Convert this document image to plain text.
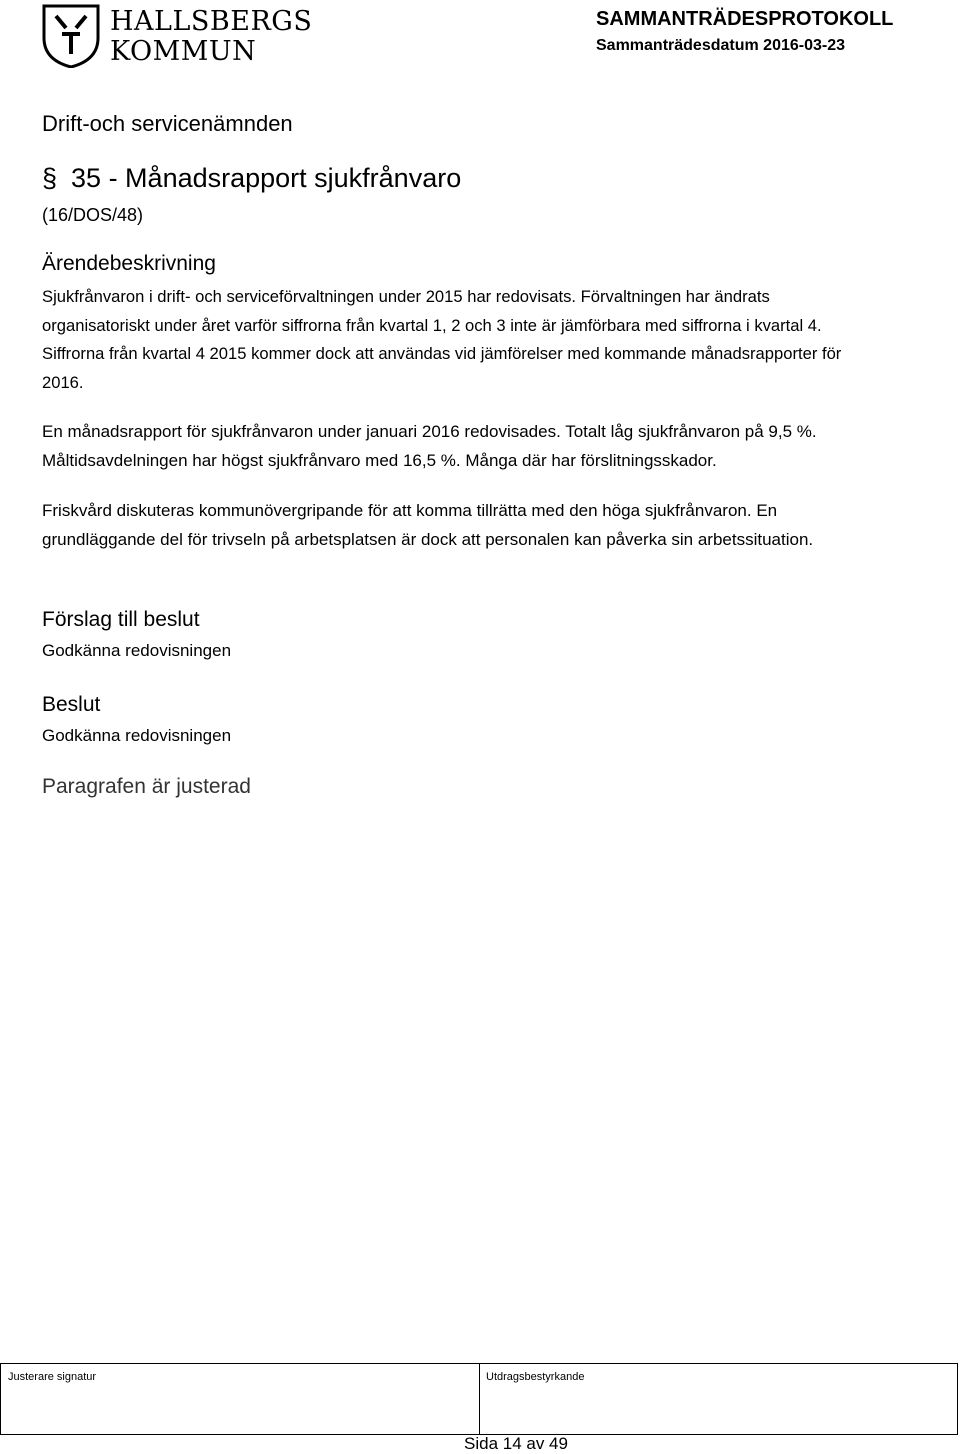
HALLSBERGS
KOMMUN
SAMMANTRÄDESPROTOKOLL
Sammanträdesdatum 2016-03-23
Drift-och servicenämnden
§ 35 - Månadsrapport sjukfrånvaro
(16/DOS/48)
Ärendebeskrivning
Sjukfrånvaron i drift- och serviceförvaltningen under 2015 har redovisats. Förvaltningen har ändrats organisatoriskt under året varför siffrorna från kvartal 1, 2 och 3 inte är jämförbara med siffrorna i kvartal 4. Siffrorna från kvartal 4 2015 kommer dock att användas vid jämförelser med kommande månadsrapporter för 2016.
En månadsrapport för sjukfrånvaron under januari 2016 redovisades. Totalt låg sjukfrånvaron på 9,5 %. Måltidsavdelningen har högst sjukfrånvaro med 16,5 %. Många där har förslitningsskador.
Friskvård diskuteras kommunövergripande för att komma tillrätta med den höga sjukfrånvaron. En grundläggande del för trivseln på arbetsplatsen är dock att personalen kan påverka sin arbetssituation.
Förslag till beslut
Godkänna redovisningen
Beslut
Godkänna redovisningen
Paragrafen är justerad
Justerare signatur	Utdragsbestyrkande
Sida 14 av 49
